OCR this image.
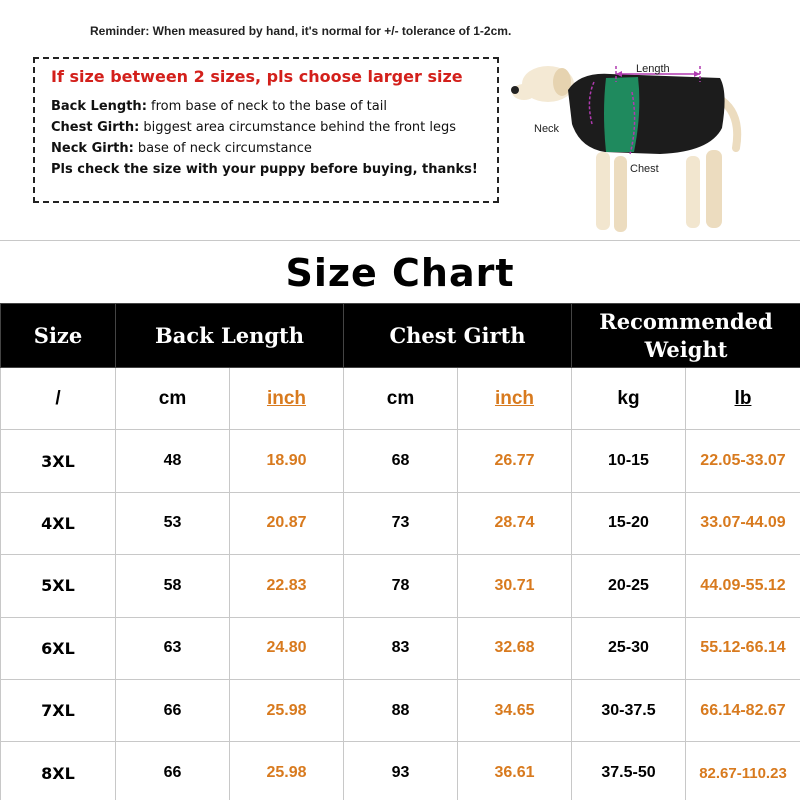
Reminder: When measured by hand, it's normal for +/- tolerance of 1-2cm.
If size between 2 sizes, pls choose larger size
Back Length: from base of neck to the base of tail
Chest Girth: biggest area circumstance behind the front legs
Neck Girth: base of neck circumstance
Pls check the size with your puppy before buying, thanks!
Length
Neck
Chest
Size Chart
Size	Back Length		Chest Girth		Recommended
Weight	
/	cm	inch	cm	inch	kg	lb
3XL	48	18.90	68	26.77	10-15	22.05-33.07
4XL	53	20.87	73	28.74	15-20	33.07-44.09
5XL	58	22.83	78	30.71	20-25	44.09-55.12
6XL	63	24.80	83	32.68	25-30	55.12-66.14
7XL	66	25.98	88	34.65	30-37.5	66.14-82.67
8XL	66	25.98	93	36.61	37.5-50	82.67-110.23
